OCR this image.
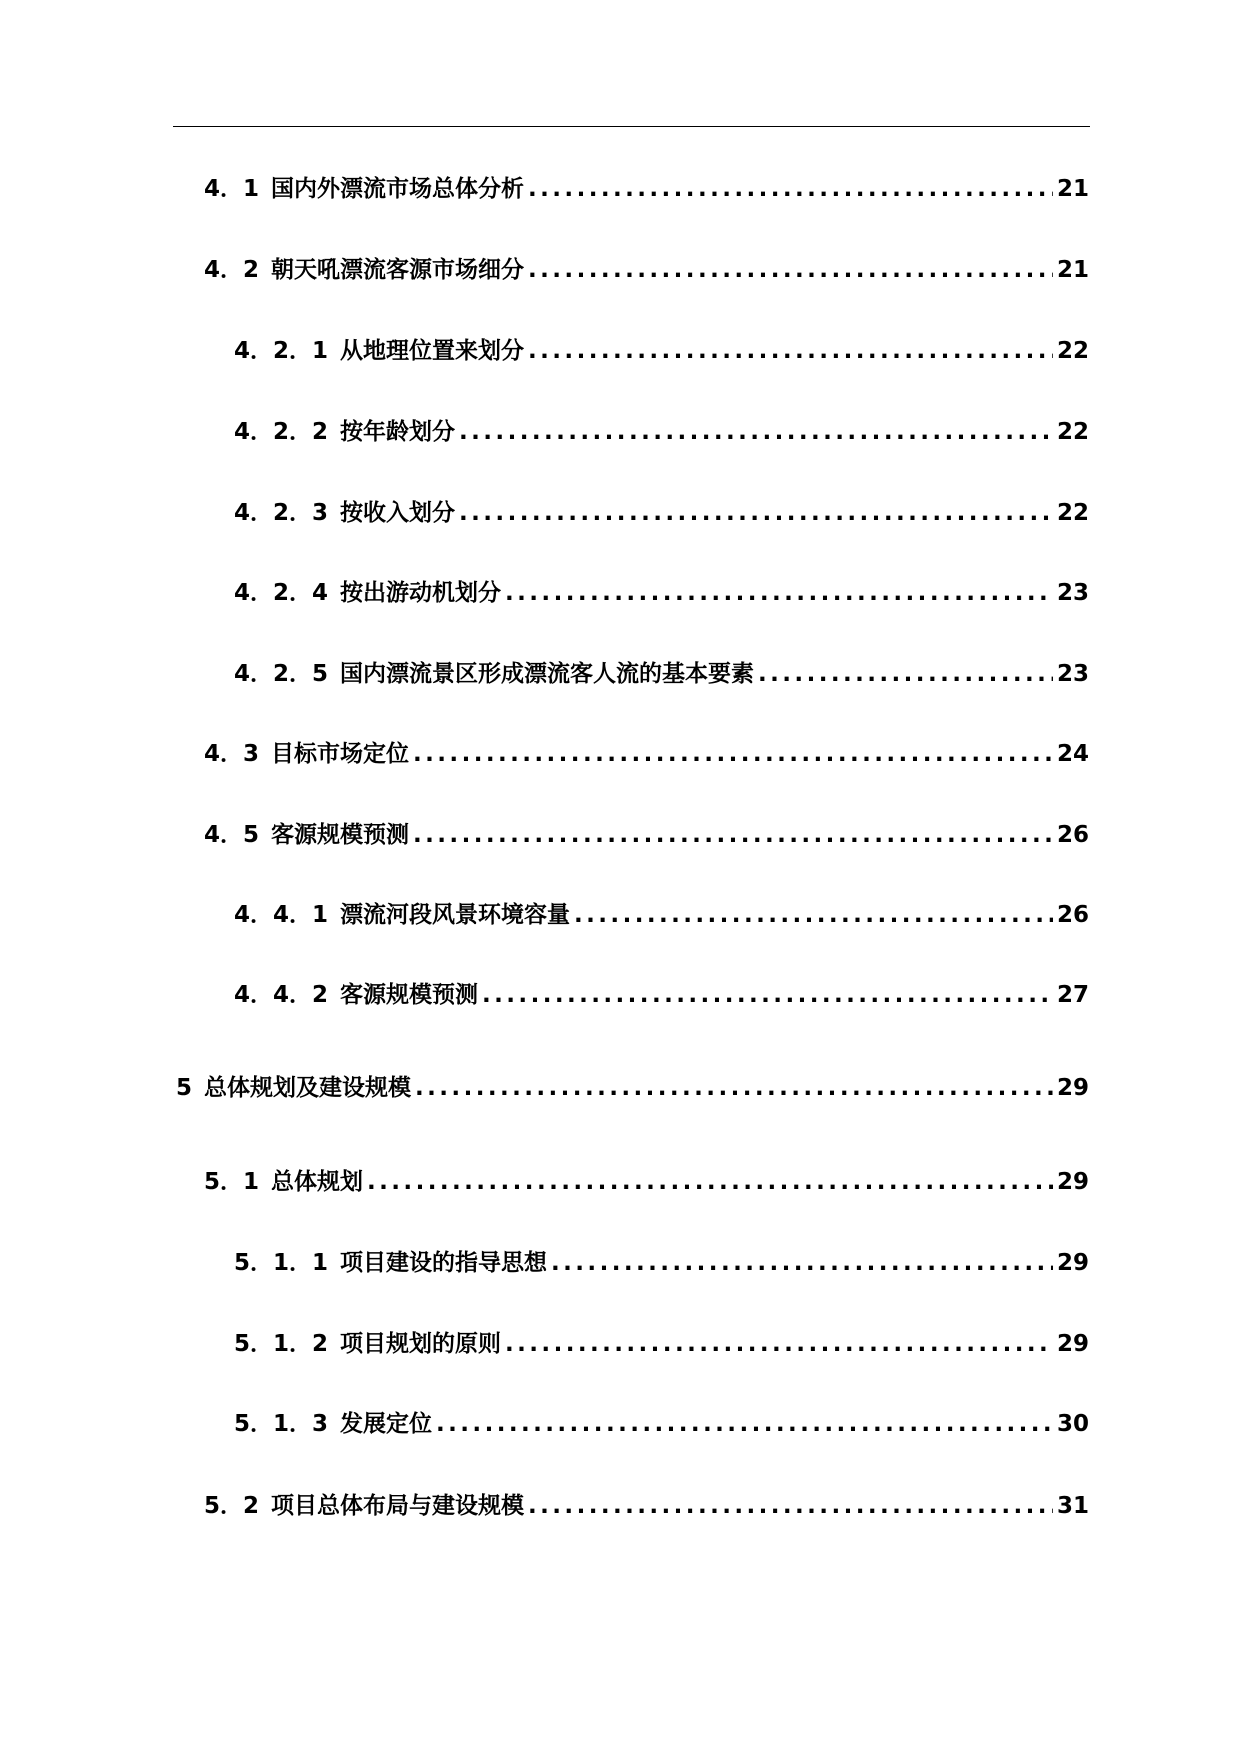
4．1 国内外漂流市场总体分析 .....	21
4．2 朝天吼漂流客源市场细分 .....	21
4．2．1 从地理位置来划分 .....	22
4．2．2 按年龄划分 .....	22
4．2．3 按收入划分 .....	22
4．2．4 按出游动机划分 .....	23
4．2．5 国内漂流景区形成漂流客人流的基本要素 .....	23
4．3 目标市场定位 .....	24
4．5 客源规模预测 .....	26
4．4．1 漂流河段风景环境容量 .....	26
4．4．2 客源规模预测 .....	27
5 总体规划及建设规模 .....	29
5．1 总体规划 .....	29
5．1．1 项目建设的指导思想 .....	29
5．1．2 项目规划的原则 .....	29
5．1．3 发展定位 .....	30
5．2 项目总体布局与建设规模 .....	31
